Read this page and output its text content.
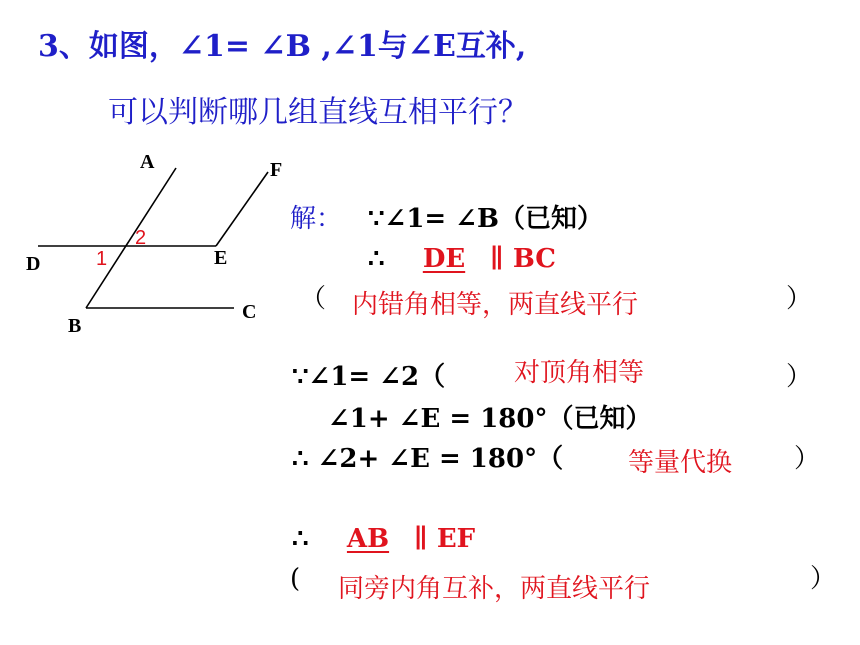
3、如图，∠1= ∠B ,∠1与∠E互补,
可以判断哪几组直线互相平行？
A	F
D	E
B
C
1
2
解： ∵∠1= ∠B（已知）
∴	DE ∥ BC
（ 内错角相等，两直线平行	）
∵∠1= ∠2（	对顶角相等	）
∠1+ ∠E = 180°（已知）
∴ ∠2+ ∠E = 180°（ 等量代换 ）
∴	AB ∥ EF
( 同旁内角互补，两直线平行	）
